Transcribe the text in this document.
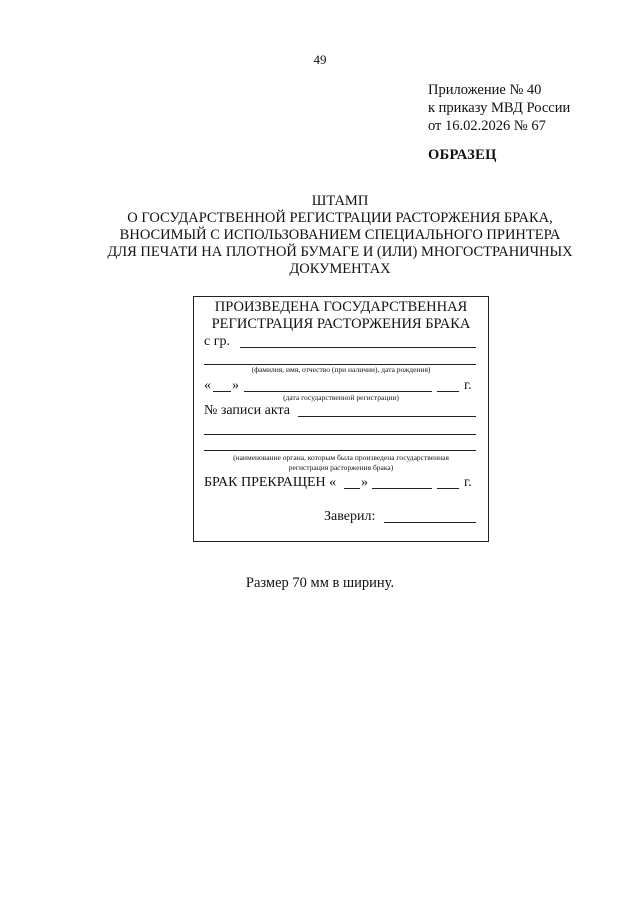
49
Приложение № 40
к приказу МВД России
от 16.02.2026 № 67
ОБРАЗЕЦ
ШТАМП
О ГОСУДАРСТВЕННОЙ РЕГИСТРАЦИИ РАСТОРЖЕНИЯ БРАКА,
ВНОСИМЫЙ С ИСПОЛЬЗОВАНИЕМ СПЕЦИАЛЬНОГО ПРИНТЕРА
ДЛЯ ПЕЧАТИ НА ПЛОТНОЙ БУМАГЕ И (ИЛИ) МНОГОСТРАНИЧНЫХ
ДОКУМЕНТАХ
ПРОИЗВЕДЕНА ГОСУДАРСТВЕННАЯ
РЕГИСТРАЦИЯ РАСТОРЖЕНИЯ БРАКА
с гр.
(фамилия, имя, отчество (при наличии), дата рождения)
« »	г.
(дата государственной регистрации)
№ записи акта
(наименование органа, которым была произведена государственная
регистрация расторжения брака)
БРАК ПРЕКРАЩЕН « »	г.
Заверил:
Размер 70 мм в ширину.
